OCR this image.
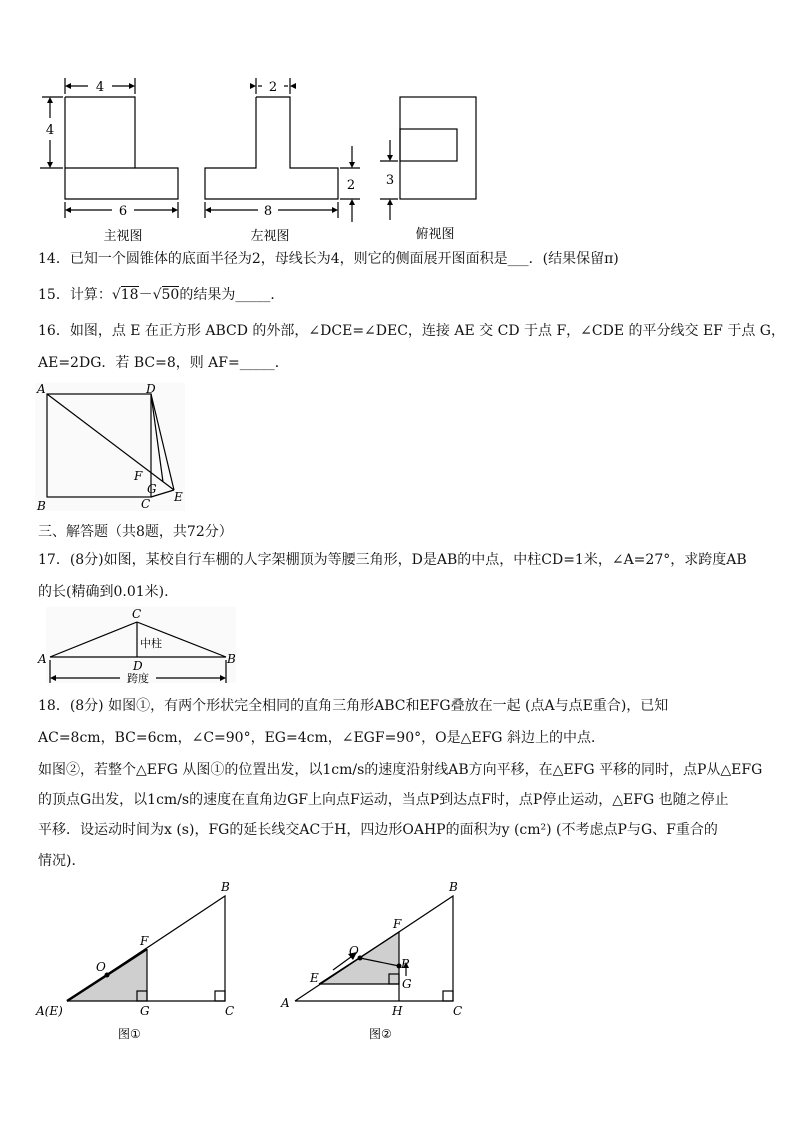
4
4
6
2
2
8
3
主视图	左视图	俯视图
14．已知一个圆锥体的底面半径为2，母线长为4，则它的侧面展开图面积是___．(结果保留π)
15．计算：√18－√50的结果为_____．
16．如图，点 E 在正方形 ABCD 的外部，∠DCE=∠DEC，连接 AE 交 CD 于点 F，∠CDE 的平分线交 EF 于点 G，
AE=2DG．若 BC=8，则 AF=_____．
A	D
B	C
F
G
E
三、解答题（共8题，共72分）
17．(8分)如图，某校自行车棚的人字架棚顶为等腰三角形，D是AB的中点，中柱CD=1米，∠A=27°，求跨度AB
的长(精确到0.01米).
C
A	B
D
中柱
跨度
18．(8分) 如图①，有两个形状完全相同的直角三角形ABC和EFG叠放在一起 (点A与点E重合)，已知
AC=8cm，BC=6cm，∠C=90°，EG=4cm，∠EGF=90°，O是△EFG 斜边上的中点．
如图②，若整个△EFG 从图①的位置出发，以1cm/s的速度沿射线AB方向平移，在△EFG 平移的同时，点P从△EFG
的顶点G出发，以1cm/s的速度在直角边GF上向点F运动，当点P到达点F时，点P停止运动，△EFG 也随之停止
平移．设运动时间为x (s)，FG的延长线交AC于H，四边形OAHP的面积为y (cm²) (不考虑点P与G、F重合的
情况)．
B
F
O
A(E)	G	C
图①
B
F
O
P
E	G
A
H	C
图②
